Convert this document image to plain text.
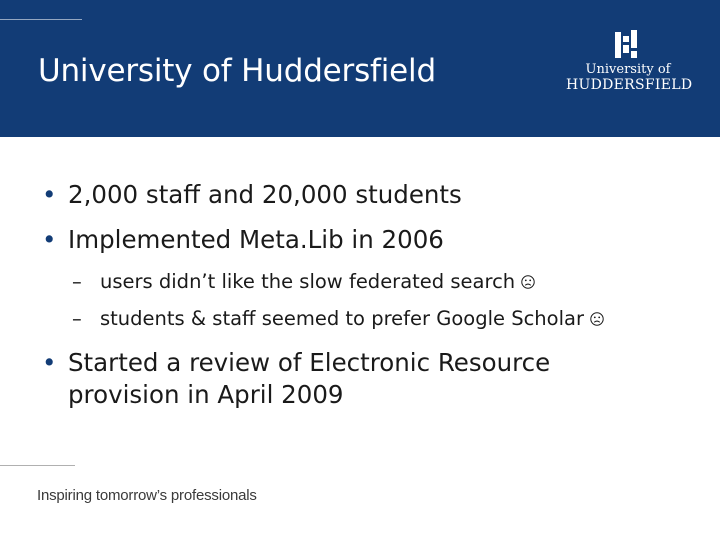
University of Huddersfield	University of
HUDDERSFIELD
• 2,000 staff and 20,000 students
• Implemented Meta.Lib in 2006
– users didn’t like the slow federated search
– students & staff seemed to prefer Google Scholar
• Started a review of Electronic Resource
provision in April 2009
Inspiring tomorrow’s professionals
